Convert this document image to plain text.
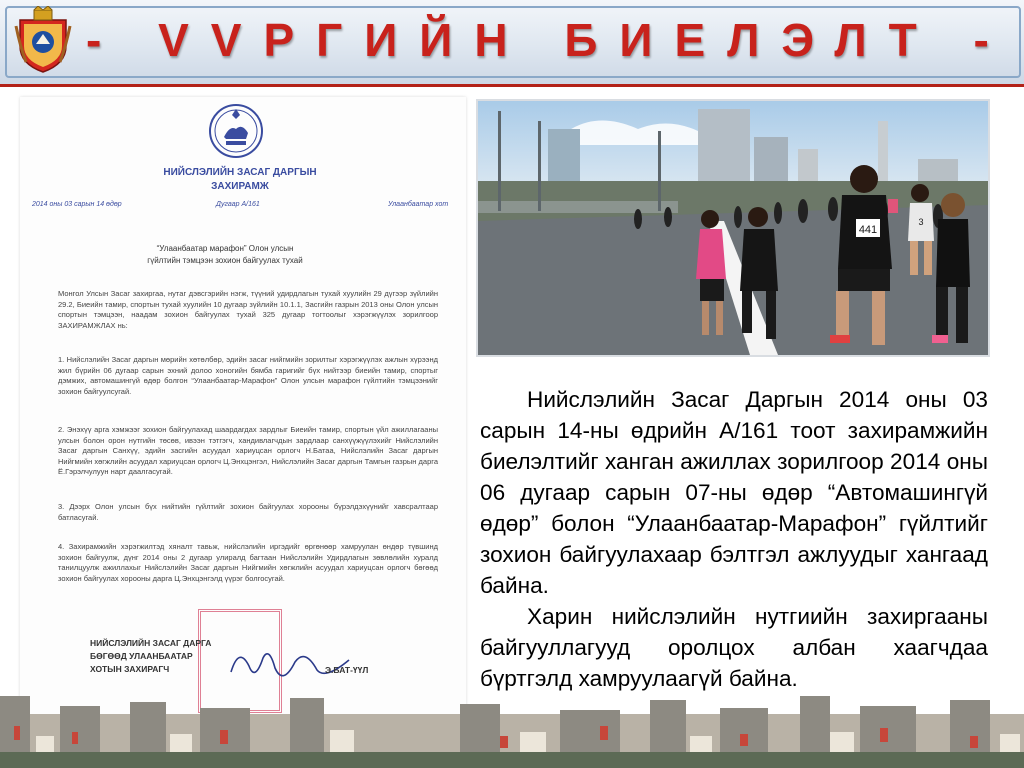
- VVРГИЙН БИЕЛЭЛТ -
НИЙСЛЭЛИЙН ЗАСАГ ДАРГЫН
ЗАХИРАМЖ
2014 оны 03 сарын 14 өдөр	Дугаар А/161	Улаанбаатар хот
“Улаанбаатар марафон” Олон улсын
гүйлтийн тэмцээн зохион байгуулах тухай

Монгол Улсын Засаг захиргаа, нутаг дэвсгэрийн нэгж, түүний удирдлагын тухай хуулийн 29 дүгээр зүйлийн 29.2, Биеийн тамир, спортын тухай хуулийн 10 дугаар зүйлийн 10.1.1, Засгийн газрын 2013 оны Олон улсын спортын тэмцээн, наадам зохион байгуулах тухай 325 дугаар тогтоолыг хэрэгжүүлэх зорилгоор ЗАХИРАМЖЛАХ нь:

1. Нийслэлийн Засаг даргын мөрийн хөтөлбөр, эдийн засаг нийгмийн зорилтыг хэрэгжүүлэх ажлын хүрээнд жил бүрийн 06 дугаар сарын эхний долоо хоногийн бямба гаригийг бүх нийтээр биеийн тамир, спортыг дэмжих, автомашингүй өдөр болгон “Улаанбаатар-Марафон” Олон улсын марафон гүйлтийн тэмцээнийг зохион байгуулсугай.

2. Энэхүү арга хэмжээг зохион байгуулахад шаардагдах зардлыг Биеийн тамир, спортын үйл ажиллагааны улсын болон орон нутгийн төсөв, ивээн тэтгэгч, хандивлагчдын зардлаар санхүүжүүлэхийг Нийслэлийн Засаг даргын Санхүү, эдийн засгийн асуудал хариуцсан орлогч Н.Батаа, Нийслэлийн Засаг даргын Нийгмийн хөгжлийн асуудал хариуцсан орлогч Ц.Энхцэнгэл, Нийслэлийн Засаг даргын Тамгын газрын дарга Ё.Гэрэлчулуун нарт даалгасугай.

3. Дээрх Олон улсын бүх нийтийн гүйлтийг зохион байгуулах хорооны бүрэлдэхүүнийг хавсралтаар батласугай.

4. Захирамжийн хэрэгжилтэд хяналт тавьж, нийслэлийн иргэдийг өргөнөөр хамруулан өндөр түвшинд зохион байгуулж, дүнг 2014 оны 2 дугаар улиралд багтаан Нийслэлийн Удирдлагын зөвлөлийн хуралд танилцуулж ажиллахыг Нийслэлийн Засаг даргын Нийгмийн хөгжлийн асуудал хариуцсан орлогч бөгөөд зохион байгуулах хорооны дарга Ц.Энхцэнгэлд үүрэг болгосугай.

НИЙСЛЭЛИЙН ЗАСАГ ДАРГА
БӨГӨӨД УЛААНБААТАР
ХОТЫН ЗАХИРАГЧ	Э.БАТ-ҮҮЛ
441
3

Нийслэлийн Засаг Даргын 2014 оны 03 сарын 14-ны өдрийн А/161 тоот захирамжийн биелэлтийг ханган ажиллах зорилгоор 2014 оны 06 дугаар сарын 07-ны өдөр “Автомашингүй өдөр” болон “Улаанбаатар-Марафон” гүйлтийг зохион байгуулахаар бэлтгэл ажлуудыг хангаад байна.

Харин нийслэлийн нутгиийн захиргааны байгууллагууд оролцох албан хаагчдаа бүртгэлд хамруулаагүй байна.
